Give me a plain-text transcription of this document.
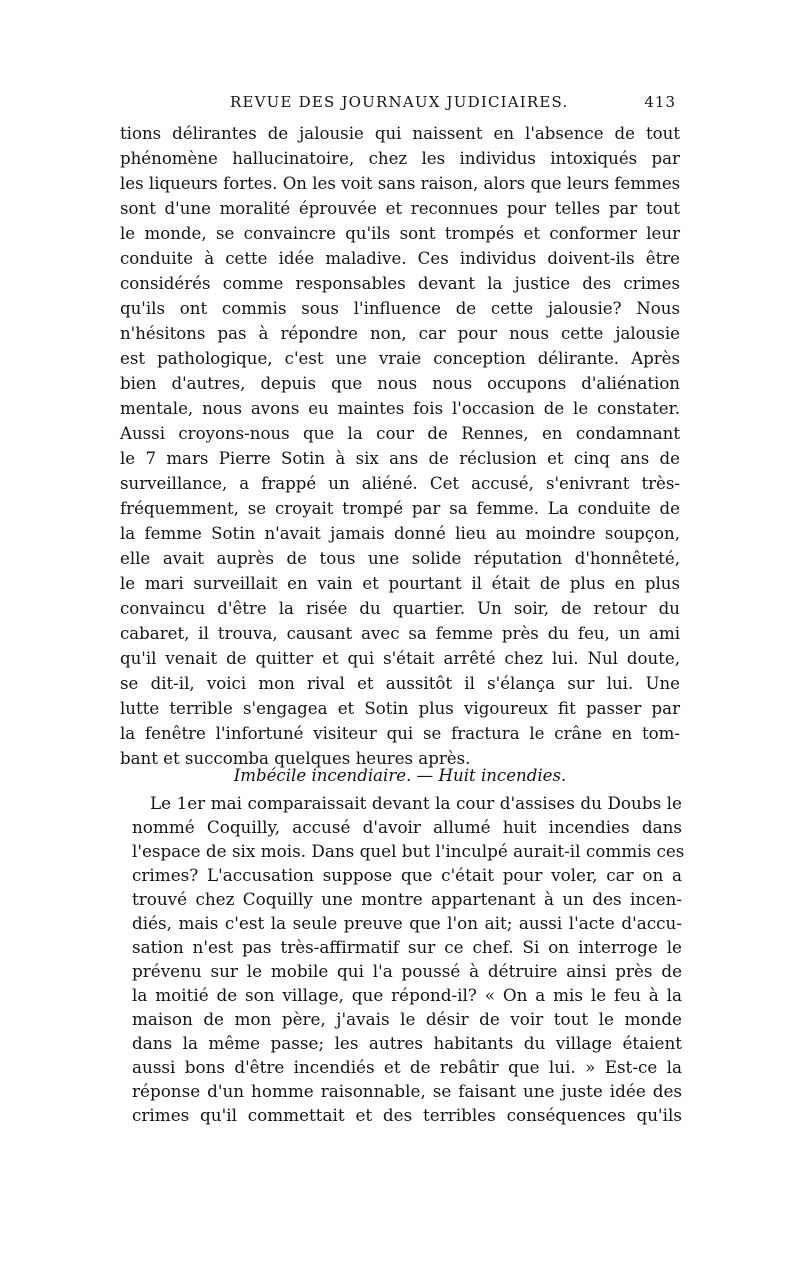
REVUE DES JOURNAUX JUDICIAIRES.	413
tions délirantes de jalousie qui naissent en l'absence de tout
phénomène hallucinatoire, chez les individus intoxiqués par
les liqueurs fortes. On les voit sans raison, alors que leurs femmes
sont d'une moralité éprouvée et reconnues pour telles par tout
le monde, se convaincre qu'ils sont trompés et conformer leur
conduite à cette idée maladive. Ces individus doivent-ils être
considérés comme responsables devant la justice des crimes
qu'ils ont commis sous l'influence de cette jalousie? Nous
n'hésitons pas à répondre non, car pour nous cette jalousie
est pathologique, c'est une vraie conception délirante. Après
bien d'autres, depuis que nous nous occupons d'aliénation
mentale, nous avons eu maintes fois l'occasion de le constater.
Aussi croyons-nous que la cour de Rennes, en condamnant
le 7 mars Pierre Sotin à six ans de réclusion et cinq ans de
surveillance, a frappé un aliéné. Cet accusé, s'enivrant très-
fréquemment, se croyait trompé par sa femme. La conduite de
la femme Sotin n'avait jamais donné lieu au moindre soupçon,
elle avait auprès de tous une solide réputation d'honnêteté,
le mari surveillait en vain et pourtant il était de plus en plus
convaincu d'être la risée du quartier. Un soir, de retour du
cabaret, il trouva, causant avec sa femme près du feu, un ami
qu'il venait de quitter et qui s'était arrêté chez lui. Nul doute,
se dit-il, voici mon rival et aussitôt il s'élança sur lui. Une
lutte terrible s'engagea et Sotin plus vigoureux fit passer par
la fenêtre l'infortuné visiteur qui se fractura le crâne en tom-
bant et succomba quelques heures après.
Imbécile incendiaire. — Huit incendies.
Le 1er mai comparaissait devant la cour d'assises du Doubs le
nommé Coquilly, accusé d'avoir allumé huit incendies dans
l'espace de six mois. Dans quel but l'inculpé aurait-il commis ces
crimes? L'accusation suppose que c'était pour voler, car on a
trouvé chez Coquilly une montre appartenant à un des incen-
diés, mais c'est la seule preuve que l'on ait; aussi l'acte d'accu-
sation n'est pas très-affirmatif sur ce chef. Si on interroge le
prévenu sur le mobile qui l'a poussé à détruire ainsi près de
la moitié de son village, que répond-il? « On a mis le feu à la
maison de mon père, j'avais le désir de voir tout le monde
dans la même passe; les autres habitants du village étaient
aussi bons d'être incendiés et de rebâtir que lui. » Est-ce la
réponse d'un homme raisonnable, se faisant une juste idée des
crimes qu'il commettait et des terribles conséquences qu'ils
